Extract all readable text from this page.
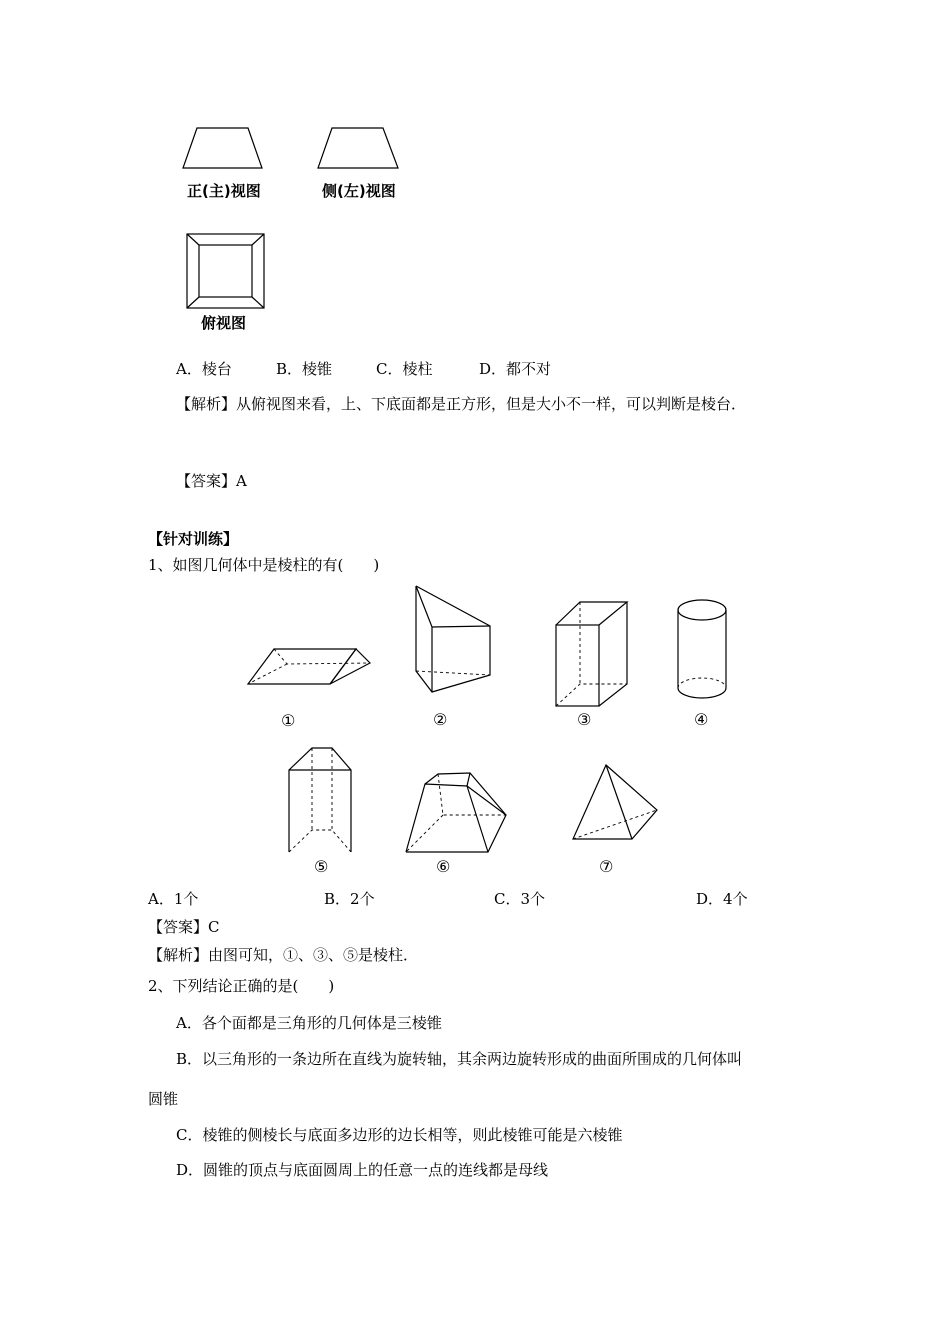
正(主)视图	侧(左)视图
俯视图
A．棱台	B．棱锥	C．棱柱	D．都不对
【解析】从俯视图来看，上、下底面都是正方形，但是大小不一样，可以判断是棱台．
【答案】A
【针对训练】
1、如图几何体中是棱柱的有(　　)
①	②	③	④
⑤	⑥	⑦
A．1个	B．2个	C．3个	D．4个
【答案】C
【解析】由图可知，①、③、⑤是棱柱．
2、下列结论正确的是(　　)
A．各个面都是三角形的几何体是三棱锥
B．以三角形的一条边所在直线为旋转轴，其余两边旋转形成的曲面所围成的几何体叫
圆锥
C．棱锥的侧棱长与底面多边形的边长相等，则此棱锥可能是六棱锥
D．圆锥的顶点与底面圆周上的任意一点的连线都是母线
